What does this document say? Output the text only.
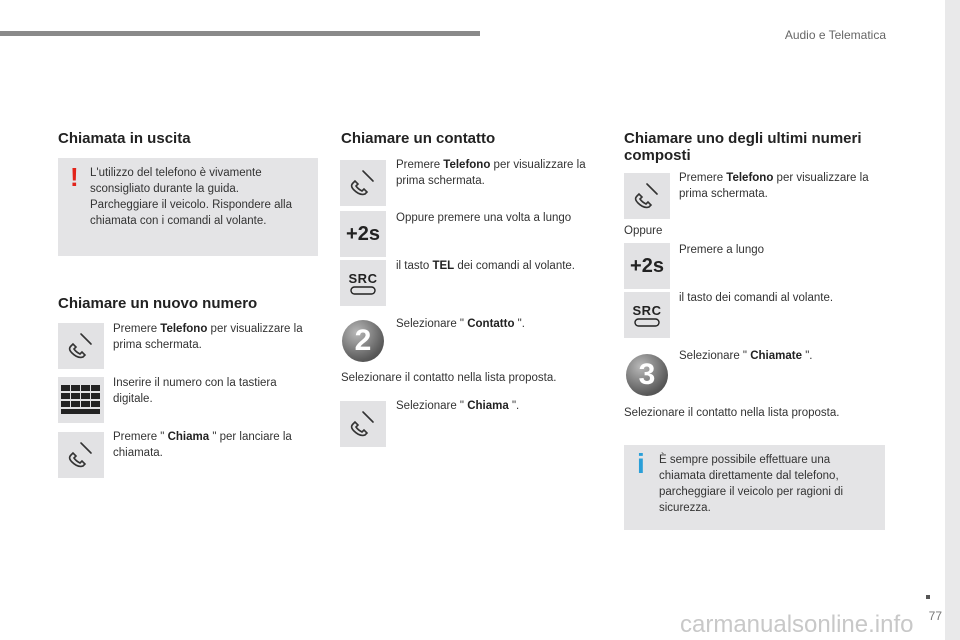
Audio e Telematica
77
carmanualsonline.info
Chiamata in uscita
! L'utilizzo del telefono è vivamente sconsigliato durante la guida. Parcheggiare il veicolo. Rispondere alla chiamata con i comandi al volante.
Chiamare un nuovo numero
Premere Telefono per visualizzare la prima schermata.
Inserire il numero con la tastiera digitale.
Premere " Chiama " per lanciare la chiamata.
Chiamare un contatto
Premere Telefono per visualizzare la prima schermata.
+2s
Oppure premere una volta a lungo
SRC
il tasto TEL dei comandi al volante.
2	Selezionare " Contatto ".
Selezionare il contatto nella lista proposta.
Selezionare " Chiama ".
Chiamare uno degli ultimi numeri composti
Premere Telefono per visualizzare la prima schermata.
Oppure
+2s
Premere a lungo
SRC
il tasto dei comandi al volante.
3
Selezionare " Chiamate ".
Selezionare il contatto nella lista proposta.
i È sempre possibile effettuare una chiamata direttamente dal telefono, parcheggiare il veicolo per ragioni di sicurezza.
